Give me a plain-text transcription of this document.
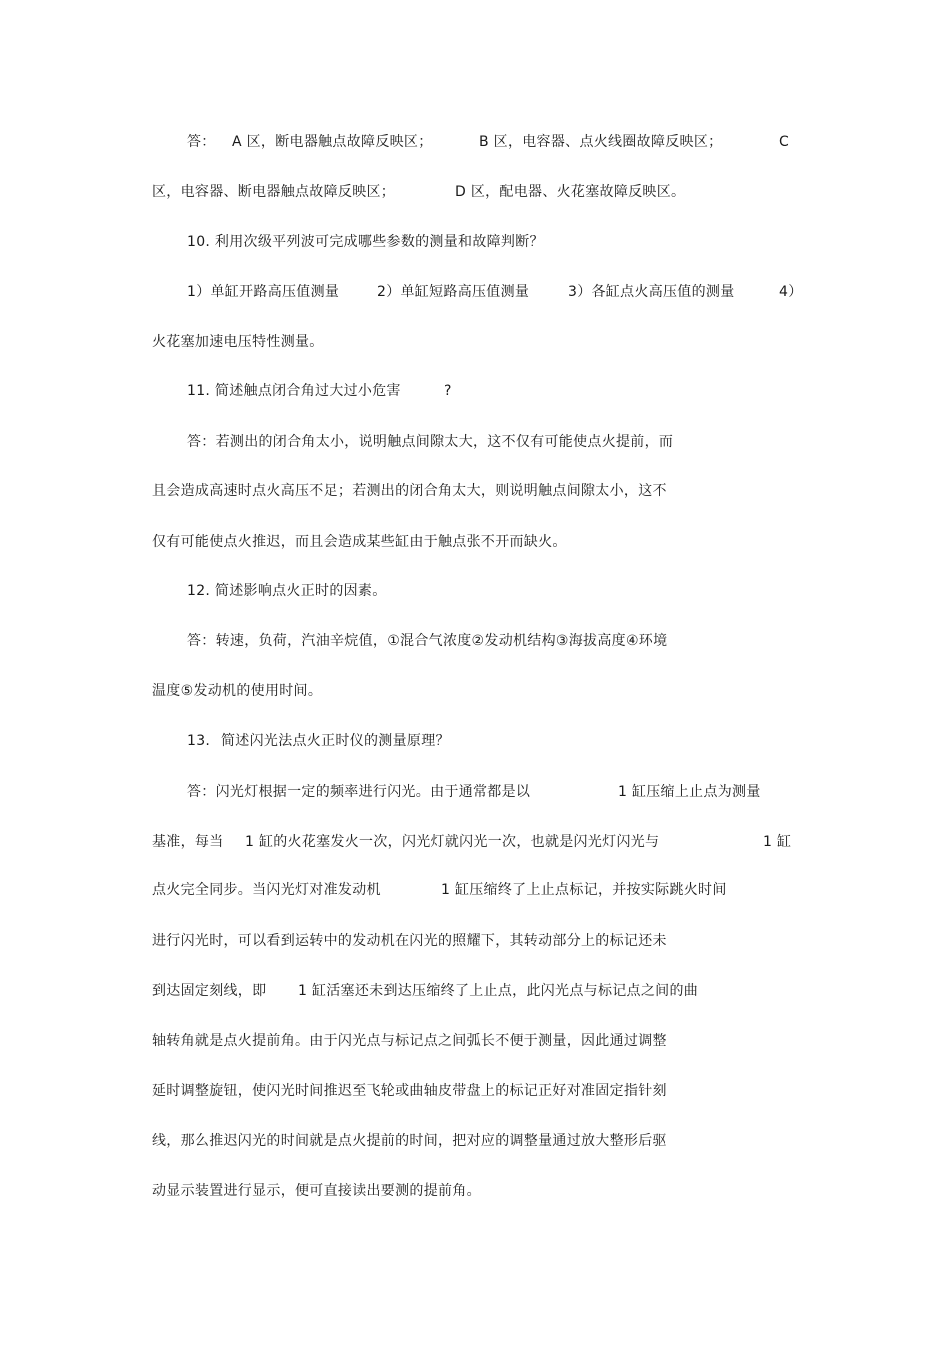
答： A 区，断电器触点故障反映区；	B 区，电容器、点火线圈故障反映区；	C
区，电容器、断电器触点故障反映区；	D 区，配电器、火花塞故障反映区。
10. 利用次级平列波可完成哪些参数的测量和故障判断？
1）单缸开路高压值测量	2）单缸短路高压值测量	3）各缸点火高压值的测量	4）
火花塞加速电压特性测量。
11. 简述触点闭合角过大过小危害	?
答：若测出的闭合角太小，说明触点间隙太大，这不仅有可能使点火提前，而
且会造成高速时点火高压不足；若测出的闭合角太大，则说明触点间隙太小，这不
仅有可能使点火推迟，而且会造成某些缸由于触点张不开而缺火。
12. 简述影响点火正时的因素。
答：转速，负荷，汽油辛烷值，①混合气浓度②发动机结构③海拔高度④环境
温度⑤发动机的使用时间。
13. 简述闪光法点火正时仪的测量原理？
答：闪光灯根据一定的频率进行闪光。由于通常都是以	1 缸压缩上止点为测量
基准，每当 1 缸的火花塞发火一次，闪光灯就闪光一次，也就是闪光灯闪光与	1 缸
点火完全同步。当闪光灯对准发动机	1 缸压缩终了上止点标记，并按实际跳火时间
进行闪光时，可以看到运转中的发动机在闪光的照耀下，其转动部分上的标记还未
到达固定刻线，即 1 缸活塞还未到达压缩终了上止点，此闪光点与标记点之间的曲
轴转角就是点火提前角。由于闪光点与标记点之间弧长不便于测量，因此通过调整
延时调整旋钮，使闪光时间推迟至飞轮或曲轴皮带盘上的标记正好对准固定指针刻
线，那么推迟闪光的时间就是点火提前的时间，把对应的调整量通过放大整形后驱
动显示装置进行显示，便可直接读出要测的提前角。
